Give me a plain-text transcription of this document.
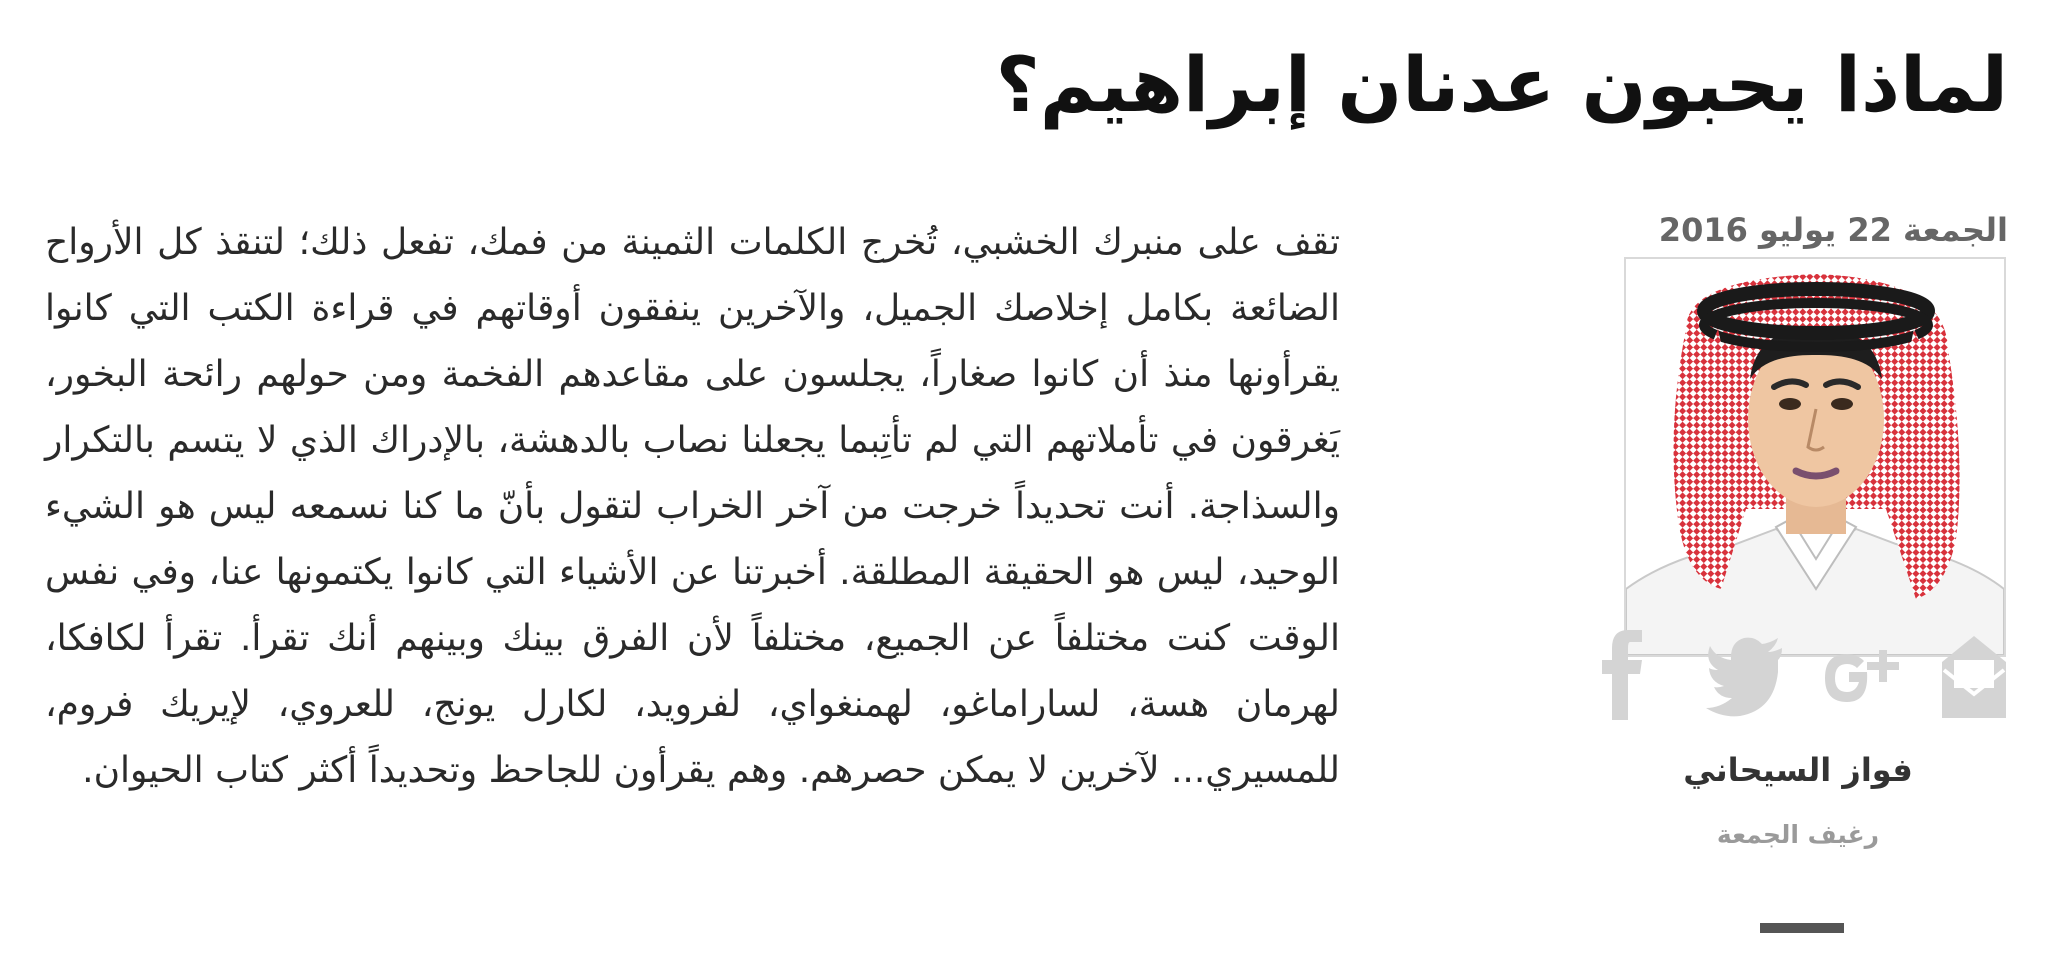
لماذا يحبون عدنان إبراهيم؟

تقف على منبرك الخشبي، تُخرج الكلمات الثمينة من فمك، تفعل ذلك؛ لتنقذ كل الأرواح الضائعة بكامل إخلاصك الجميل، والآخرين ينفقون أوقاتهم في قراءة الكتب التي كانوا يقرأونها منذ أن كانوا صغاراً، يجلسون على مقاعدهم الفخمة ومن حولهم رائحة البخور، يَغرقون في تأملاتهم التي لم تأتِبما يجعلنا نصاب بالدهشة، بالإدراك الذي لا يتسم بالتكرار والسذاجة. أنت تحديداً خرجت من آخر الخراب لتقول بأنّ ما كنا نسمعه ليس هو الشيء الوحيد، ليس هو الحقيقة المطلقة. أخبرتنا عن الأشياء التي كانوا يكتمونها عنا، وفي نفس الوقت كنت مختلفاً عن الجميع، مختلفاً لأن الفرق بينك وبينهم أنك تقرأ. تقرأ لكافكا، لهرمان هسة، لساراماغو، لهمنغواي، لفرويد، لكارل يونج، للعروي، لإيريك فروم، للمسيري... لآخرين لا يمكن حصرهم. وهم يقرأون للجاحظ وتحديداً أكثر كتاب الحيوان.

الجمعة 22 يوليو 2016
فواز السيحاني
رغيف الجمعة
